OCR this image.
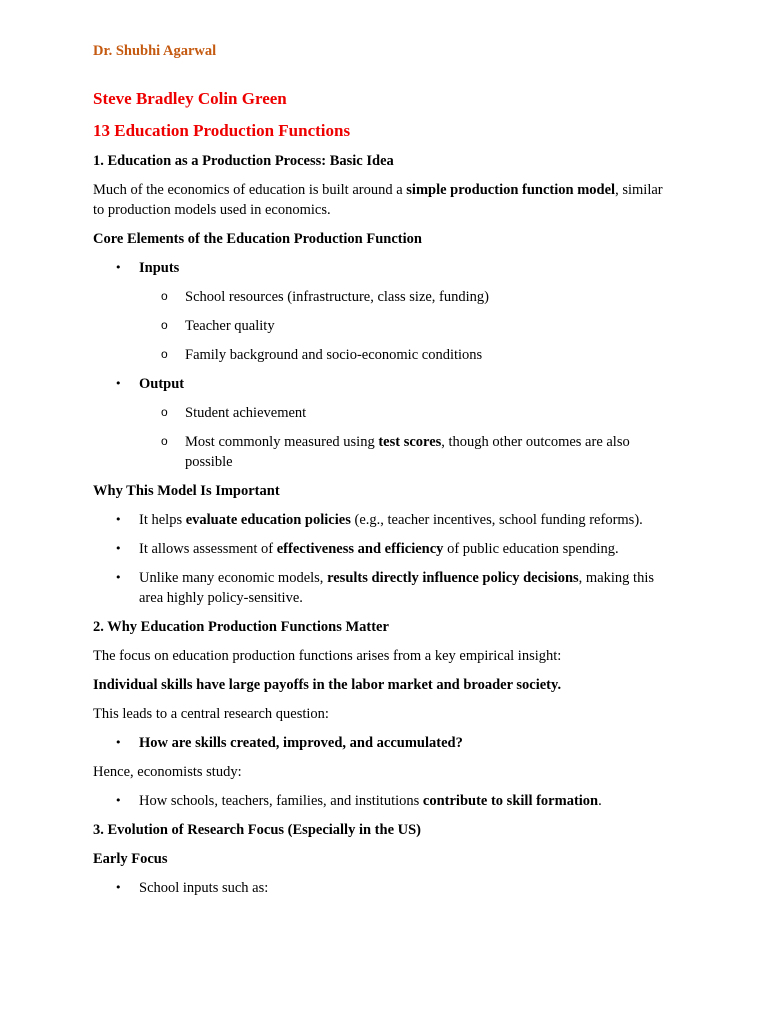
Dr. Shubhi Agarwal
Steve Bradley Colin Green
13 Education Production Functions
1. Education as a Production Process: Basic Idea

Much of the economics of education is built around a simple production function model, similar to production models used in economics.

Core Elements of the Education Production Function
• Inputs
o School resources (infrastructure, class size, funding)
o Teacher quality
o Family background and socio-economic conditions
• Output
o Student achievement
o Most commonly measured using test scores, though other outcomes are also possible
Why This Model Is Important
• It helps evaluate education policies (e.g., teacher incentives, school funding reforms).
• It allows assessment of effectiveness and efficiency of public education spending.
• Unlike many economic models, results directly influence policy decisions, making this area highly policy-sensitive.
2. Why Education Production Functions Matter

The focus on education production functions arises from a key empirical insight:

Individual skills have large payoffs in the labor market and broader society.

This leads to a central research question:

• How are skills created, improved, and accumulated?

Hence, economists study:

• How schools, teachers, families, and institutions contribute to skill formation.
3. Evolution of Research Focus (Especially in the US)
Early Focus
• School inputs such as:
